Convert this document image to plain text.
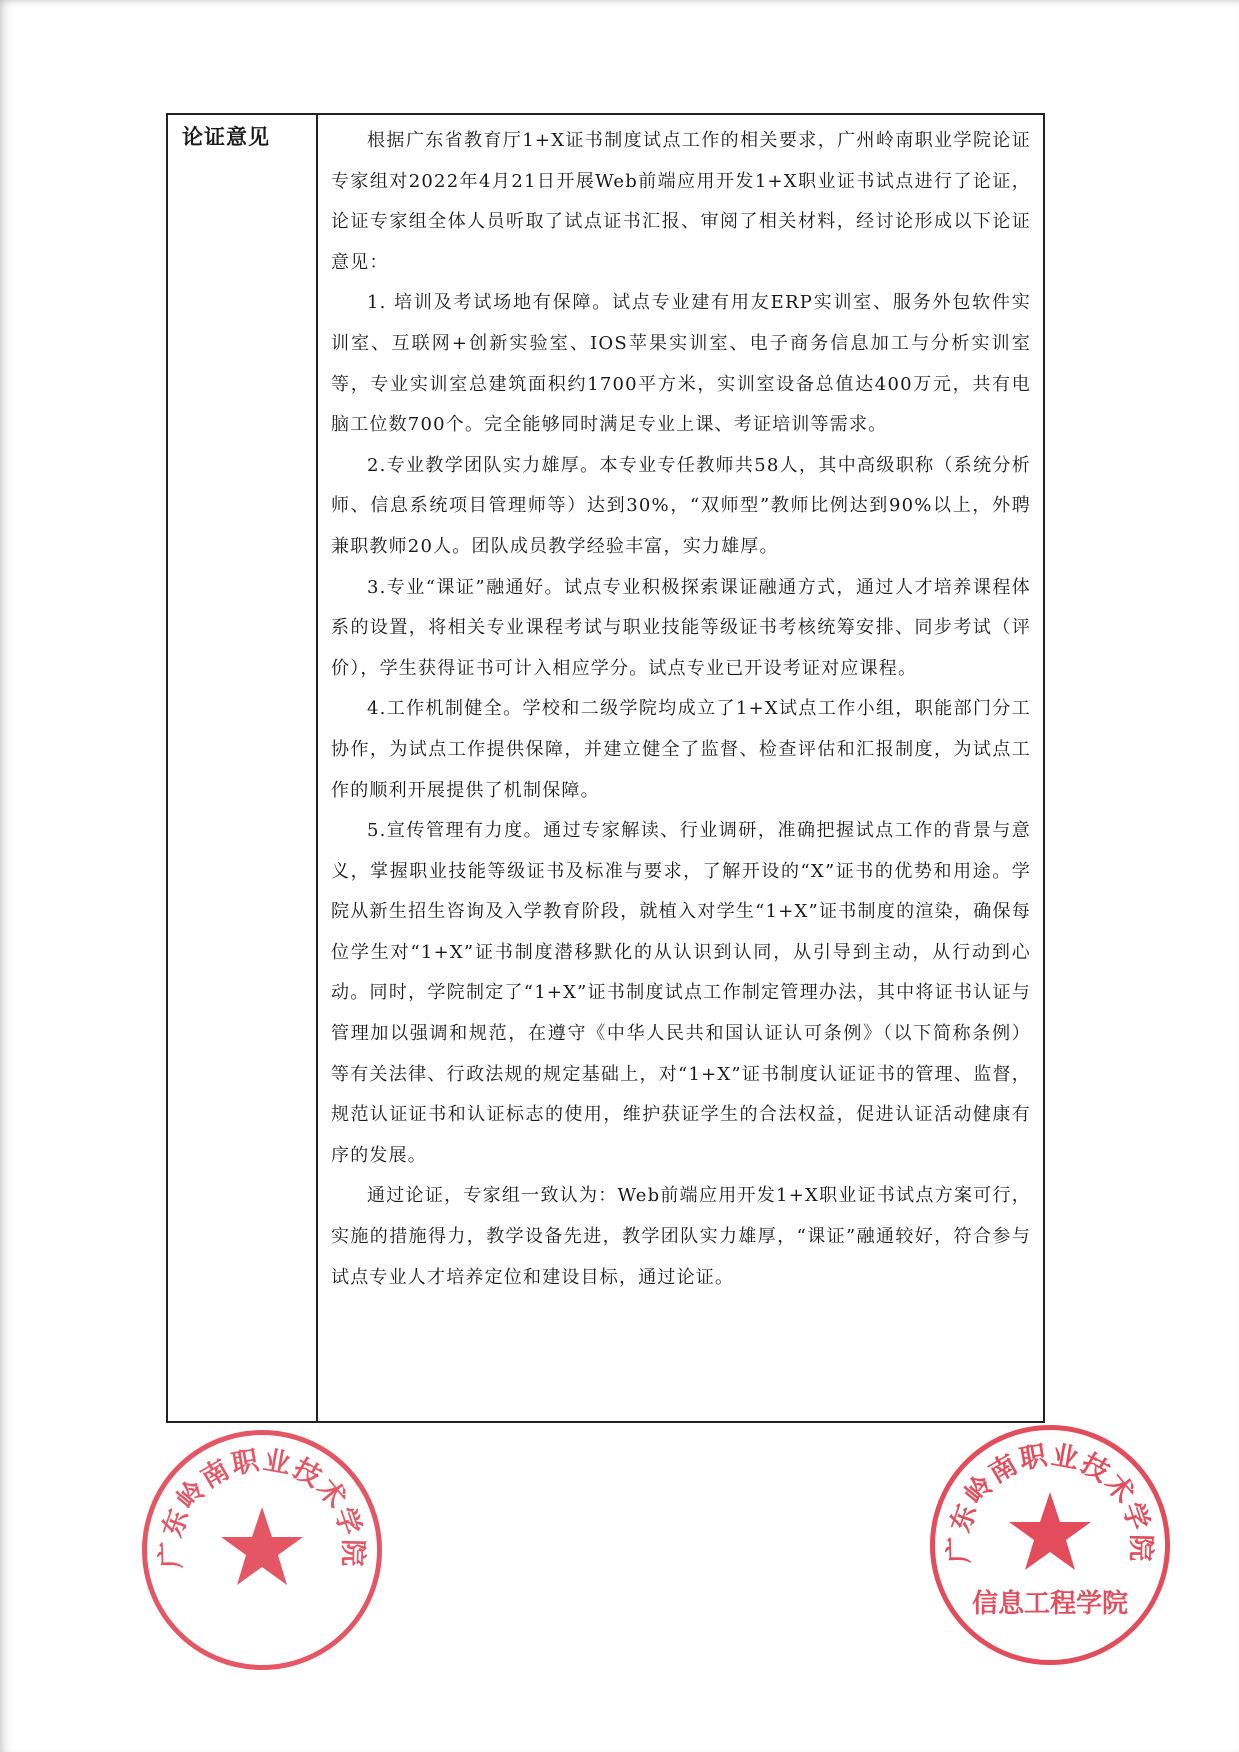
论证意见	根据广东省教育厅1+X证书制度试点工作的相关要求，广州岭南职业学院论证专家组对2022年4月21日开展Web前端应用开发1+X职业证书试点进行了论证，论证专家组全体人员听取了试点证书汇报、审阅了相关材料，经讨论形成以下论证意见：

1. 培训及考试场地有保障。试点专业建有用友ERP实训室、服务外包软件实训室、互联网+创新实验室、IOS苹果实训室、电子商务信息加工与分析实训室等，专业实训室总建筑面积约1700平方米，实训室设备总值达400万元，共有电脑工位数700个。完全能够同时满足专业上课、考证培训等需求。

2.专业教学团队实力雄厚。本专业专任教师共58人，其中高级职称（系统分析师、信息系统项目管理师等）达到30%，“双师型”教师比例达到90%以上，外聘兼职教师20人。团队成员教学经验丰富，实力雄厚。

3.专业“课证”融通好。试点专业积极探索课证融通方式，通过人才培养课程体系的设置，将相关专业课程考试与职业技能等级证书考核统筹安排、同步考试（评价），学生获得证书可计入相应学分。试点专业已开设考证对应课程。

4.工作机制健全。学校和二级学院均成立了1+X试点工作小组，职能部门分工协作，为试点工作提供保障，并建立健全了监督、检查评估和汇报制度，为试点工作的顺利开展提供了机制保障。

5.宣传管理有力度。通过专家解读、行业调研，准确把握试点工作的背景与意义，掌握职业技能等级证书及标准与要求，了解开设的“X”证书的优势和用途。学院从新生招生咨询及入学教育阶段，就植入对学生“1+X”证书制度的渲染，确保每位学生对“1+X”证书制度潜移默化的从认识到认同，从引导到主动，从行动到心动。同时，学院制定了“1+X”证书制度试点工作制定管理办法，其中将证书认证与管理加以强调和规范，在遵守《中华人民共和国认证认可条例》（以下简称条例）等有关法律、行政法规的规定基础上，对“1+X”证书制度认证证书的管理、监督，规范认证证书和认证标志的使用，维护获证学生的合法权益，促进认证活动健康有序的发展。

通过论证，专家组一致认为：Web前端应用开发1+X职业证书试点方案可行，实施的措施得力，教学设备先进，教学团队实力雄厚，“课证”融通较好，符合参与试点专业人才培养定位和建设目标，通过论证。

广东岭南职业技术学院	广东岭南职业技术学院
信息工程学院
